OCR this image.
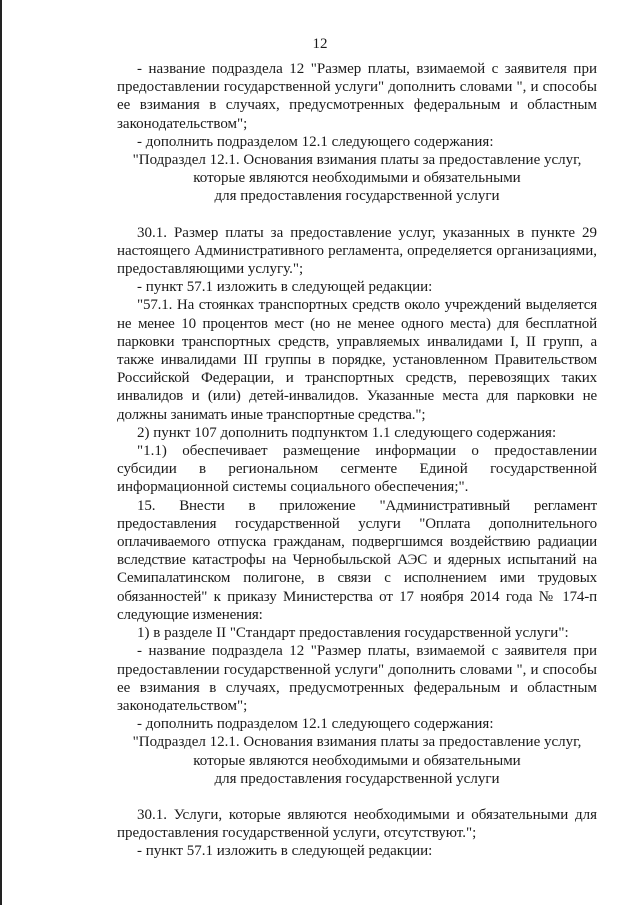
12

- название подраздела 12 "Размер платы, взимаемой с заявителя при предоставлении государственной услуги" дополнить словами ", и способы ее взимания в случаях, предусмотренных федеральным и областным законодательством";

- дополнить подразделом 12.1 следующего содержания:

"Подраздел 12.1. Основания взимания платы за предоставление услуг,

которые являются необходимыми и обязательными

для предоставления государственной услуги

30.1. Размер платы за предоставление услуг, указанных в пункте 29 настоящего Административного регламента, определяется организациями, предоставляющими услугу.";

- пункт 57.1 изложить в следующей редакции:

"57.1. На стоянках транспортных средств около учреждений выделяется не менее 10 процентов мест (но не менее одного места) для бесплатной парковки транспортных средств, управляемых инвалидами I, II групп, а также инвалидами III группы в порядке, установленном Правительством Российской Федерации, и транспортных средств, перевозящих таких инвалидов и (или) детей-инвалидов. Указанные места для парковки не должны занимать иные транспортные средства.";

2) пункт 107 дополнить подпунктом 1.1 следующего содержания:

"1.1) обеспечивает размещение информации о предоставлении субсидии в региональном сегменте Единой государственной информационной системы социального обеспечения;".

15. Внести в приложение "Административный регламент предоставления государственной услуги "Оплата дополнительного оплачиваемого отпуска гражданам, подвергшимся воздействию радиации вследствие катастрофы на Чернобыльской АЭС и ядерных испытаний на Семипалатинском полигоне, в связи с исполнением ими трудовых обязанностей" к приказу Министерства от 17 ноября 2014 года № 174-п следующие изменения:

1) в разделе II "Стандарт предоставления государственной услуги":

- название подраздела 12 "Размер платы, взимаемой с заявителя при предоставлении государственной услуги" дополнить словами ", и способы ее взимания в случаях, предусмотренных федеральным и областным законодательством";

- дополнить подразделом 12.1 следующего содержания:

"Подраздел 12.1. Основания взимания платы за предоставление услуг,

которые являются необходимыми и обязательными

для предоставления государственной услуги

30.1. Услуги, которые являются необходимыми и обязательными для предоставления государственной услуги, отсутствуют.";

- пункт 57.1 изложить в следующей редакции:
